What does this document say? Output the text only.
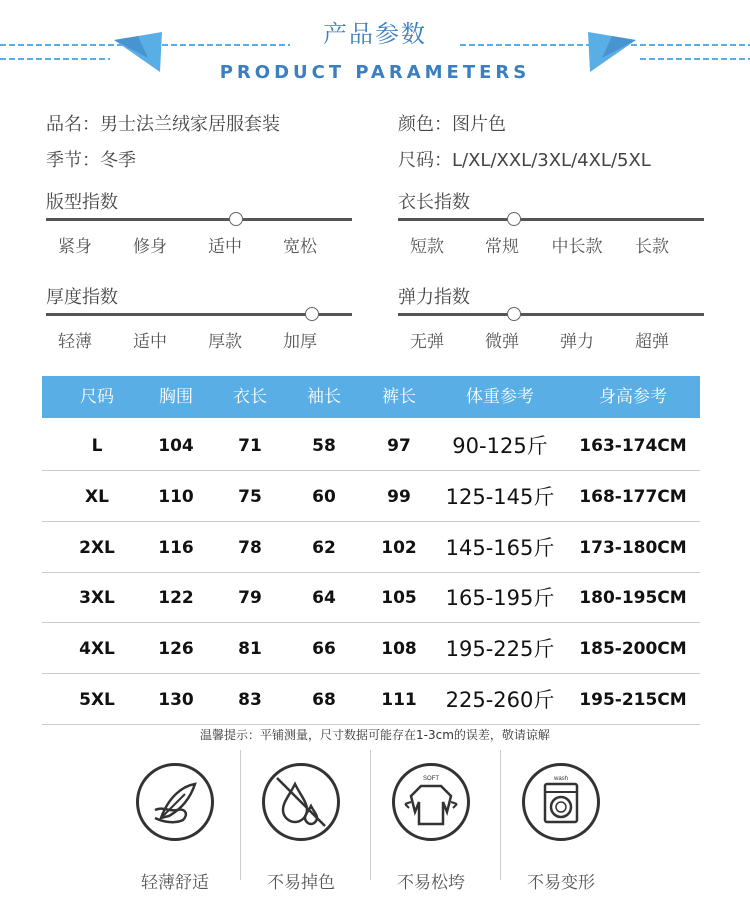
产品参数
PRODUCT PARAMETERS
品名：男士法兰绒家居服套装	颜色：图片色
季节：冬季	尺码：L/XL/XXL/3XL/4XL/5XL
版型指数
紧身	修身	适中	宽松
衣长指数
短款	常规	中长款	长款
厚度指数
轻薄	适中	厚款	加厚
弹力指数
无弹	微弹	弹力	超弹
尺码	胸围	衣长	袖长	裤长	体重参考	身高参考
L	104	71	58	97	90-125斤	163-174CM
XL	110	75	60	99	125-145斤	168-177CM
2XL	116	78	62	102	145-165斤	173-180CM
3XL	122	79	64	105	165-195斤	180-195CM
4XL	126	81	66	108	195-225斤	185-200CM
5XL	130	83	68	111	225-260斤	195-215CM
温馨提示：平铺测量，尺寸数据可能存在1-3cm的误差，敬请谅解
SOFT	wash
轻薄舒适	不易掉色	不易松垮	不易变形
